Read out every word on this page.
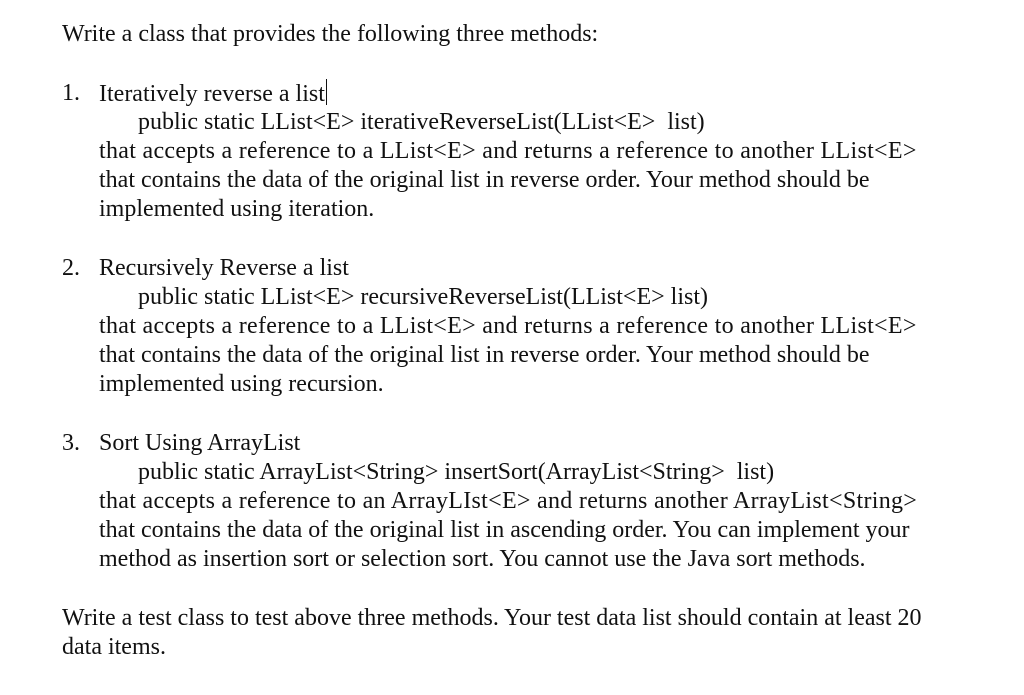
Write a class that provides the following three methods:
1. Iteratively reverse a list
public static LList<E> iterativeReverseList(LList<E>  list)
that accepts a reference to a LList<E> and returns a reference to another LList<E>
that contains the data of the original list in reverse order. Your method should be
implemented using iteration.
2. Recursively Reverse a list
public static LList<E> recursiveReverseList(LList<E> list)
that accepts a reference to a LList<E> and returns a reference to another LList<E>
that contains the data of the original list in reverse order. Your method should be
implemented using recursion.
3. Sort Using ArrayList
public static ArrayList<String> insertSort(ArrayList<String>  list)
that accepts a reference to an ArrayLIst<E> and returns another ArrayList<String>
that contains the data of the original list in ascending order. You can implement your
method as insertion sort or selection sort. You cannot use the Java sort methods.
Write a test class to test above three methods. Your test data list should contain at least 20
data items.
